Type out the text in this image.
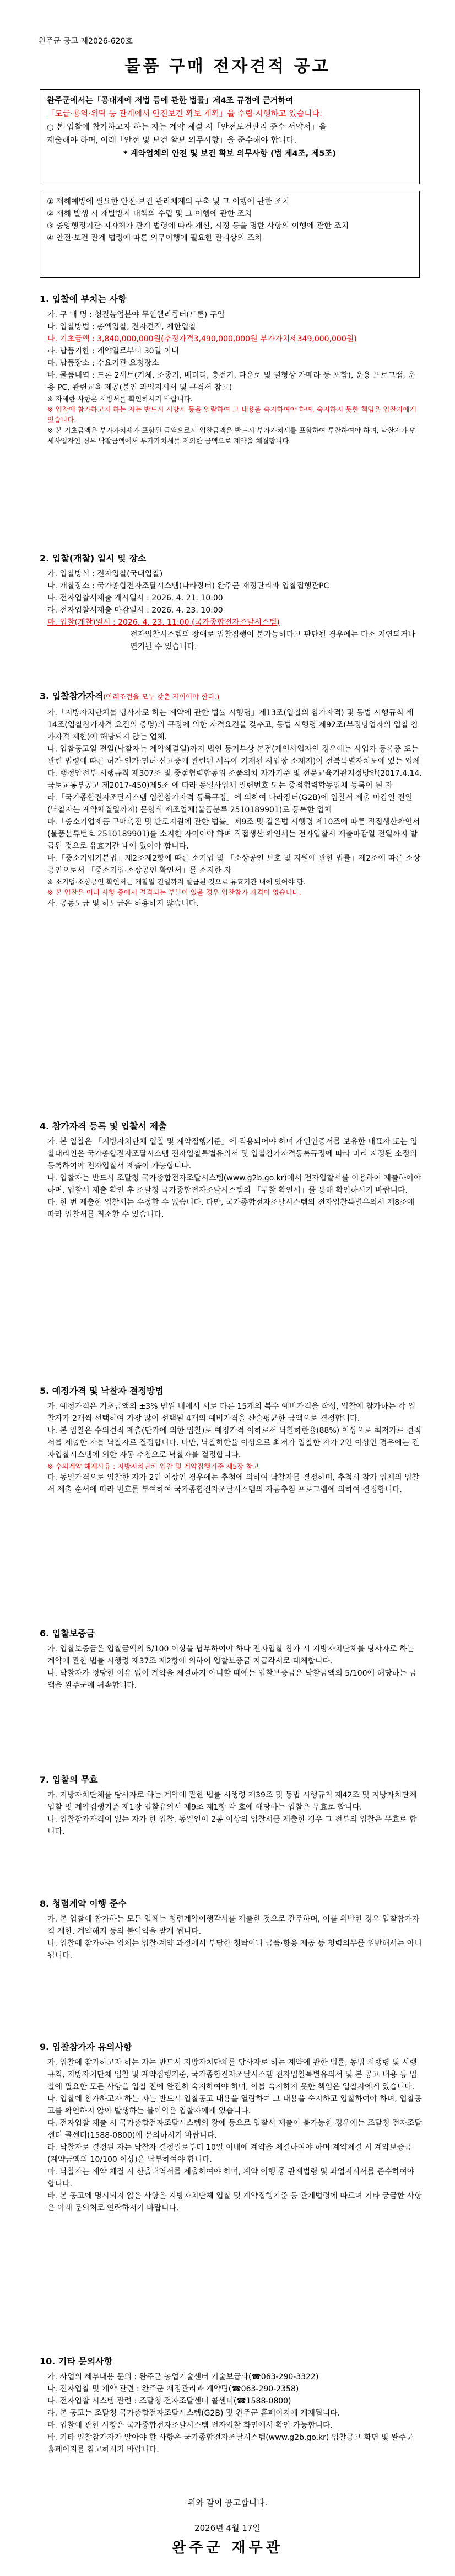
완주군 공고 제2026-620호
물품 구매 전자견적 공고
완주군에서는「공대계에 저법 등에 관한 법률」제4조 규정에 근거하여
「도급·용역·위탁 등 관계에서 안전보건 확보 계획」을 수립·시행하고 있습니다.
○ 본 입찰에 참가하고자 하는 자는 계약 체결 시「안전보건관리 준수 서약서」을
제출해야 하며, 아래「안전 및 보건 확보 의무사항」을 준수해야 합니다.
* 계약업체의 안전 및 보건 확보 의무사항 (법 제4조, 제5조)
① 재해예방에 필요한 안전·보건 관리체계의 구축 및 그 이행에 관한 조치
② 재해 발생 시 재발방지 대책의 수립 및 그 이행에 관한 조치
③ 중앙행정기관·지자체가 관계 법령에 따라 개선, 시정 등을 명한 사항의 이행에 관한 조치
④ 안전·보건 관계 법령에 따른 의무이행에 필요한 관리상의 조치
1. 입찰에 부치는 사항
가. 구 매 명 : 청질농업분야 무인헬리콥터(드론) 구입
나. 입찰방법 : 총액입찰, 전자견적, 제한입찰
다. 기초금액 : 3,840,000,000원(추정가격3,490,000,000원 부가가치세349,000,000원)
라. 납품기한 : 계약일로부터 30일 이내
마. 납품장소 : 수요기관 요청장소
바. 물품내역 : 드론 2세트(기체, 조종기, 배터리, 충전기, 다운로 및 펼형상 카메라 등 포함), 운용 프로그램, 운용 PC, 관련교육 제공(불인 과업지시서 및 규격서 참고)
※ 자세한 사항은 시방서를 확인하시기 바랍니다.
※ 입찰에 참가하고자 하는 자는 반드시 시방서 등을 열람하여 그 내용을 숙지하여야 하며, 숙지하지 못한 책임은 입찰자에게 있습니다.
※ 본 기초금액은 부가가치세가 포함된 금액으로서 입찰금액은 반드시 부가가치세를 포함하여 투찰하여야 하며, 낙찰자가 면세사업자인 경우 낙찰금액에서 부가가치세를 제외한 금액으로 계약을 체결합니다.
2. 입찰(개찰) 일시 및 장소
가. 입찰방식 : 전자입찰(국내입찰)
나. 개찰장소 : 국가종합전자조달시스템(나라장터) 완주군 재정관리과 입찰집행관PC
다. 전자입찰서제출 개시일시 : 2026. 4. 21. 10:00
라. 전자입찰서제출 마감일시 : 2026. 4. 23. 10:00
마. 입찰(개찰)일시 : 2026. 4. 23. 11:00 (국가종합전자조달시스템)
전자입찰시스템의 장애로 입찰집행이 불가능하다고 판단될 경우에는 다소 지연되거나 연기될 수 있습니다.
3. 입찰참가자격(아래조건을 모두 갖춘 자이어야 한다.)
가.「지방자치단체를 당사자로 하는 계약에 관한 법률 시행령」제13조(입찰의 참가자격) 및 동법 시행규칙 제14조(입찰참가자격 요건의 증명)의 규정에 의한 자격요건을 갖추고, 동법 시행령 제92조(부정당업자의 입찰 참가자격 제한)에 해당되지 않는 업체.
나. 입찰공고일 전일(낙찰자는 계약체결일)까지 법인 등기부상 본점(개인사업자인 경우에는 사업자 등록증 또는 관련 법령에 따른 허가·인가·면허·신고증에 관련된 서류에 기재된 사업장 소재지)이 전북특별자치도에 있는 업체
다. 행정안전부 시행규칙 제307조 및 중점협력합동위 조품의치 자가기준 및 전문교육기관지정방안(2017.4.14. 국토교통부공고 제2017-450)제5조 에 따라 동일사업체 일련번호 또는 중점협력합동업체 등록이 된 자
라.「국가종합전자조달시스템 입찰참가자격 등록규정」에 의하여 나라장터(G2B)에 입찰서 제출 마감일 전일(낙찰자는 계약체결일까지) 문형식 제조업체(물품분류 2510189901)로 등록한 업체
마.「중소기업제품 구매촉진 및 판로지원에 관한 법률」제9조 및 같은법 시행령 제10조에 따른 직접생산확인서(물품분류번호 2510189901)를 소지한 자이어야 하며 직접생산 확인서는 전자입찰서 제출마감일 전일까지 발급된 것으로 유효기간 내에 있어야 합니다.
바.「중소기업기본법」제2조제2항에 따른 소기업 및 「소상공인 보호 및 지원에 관한 법률」제2조에 따른 소상공인으로서 「중소기업·소상공인 확인서」를 소지한 자
※ 소기업·소상공인 확인서는 개찰일 전일까지 발급된 것으로 유효기간 내에 있어야 함.
※ 본 입찰은 이러 사항 중에서 결격되는 부분이 있을 경우 입찰참가 자격이 없습니다.
사. 공동도급 및 하도급은 허용하지 않습니다.
4. 참가자격 등록 및 입찰서 제출
가. 본 입찰은 「지방자치단체 입찰 및 계약집행기준」에 적용되어야 하며 개인인증서를 보유한 대표자 또는 입찰대리인은 국가종합전자조달시스템 전자입찰특별유의서 및 입찰참가자격등록규정에 따라 미리 지정된 소정의 등록하여야 전자입찰서 제출이 가능합니다.
나. 입찰자는 반드시 조달청 국가종합전자조달시스템(www.g2b.go.kr)에서 전자입찰서를 이용하여 제출하여야 하며, 입찰서 제출 확인 후 조달청 국가종합전자조달시스템의 「투찰 확인서」를 통해 확인하시기 바랍니다.
다. 한 번 제출한 입찰서는 수정할 수 없습니다. 다만, 국가종합전자조달시스템의 전자입찰특별유의서 제8조에 따라 입찰서를 취소할 수 있습니다.
5. 예정가격 및 낙찰자 결정방법
가. 예정가격은 기초금액의 ±3% 범위 내에서 서로 다른 15개의 복수 예비가격을 작성, 입찰에 참가하는 각 입찰자가 2개씩 선택하여 가장 많이 선택된 4개의 예비가격을 산술평균한 금액으로 결정합니다.
나. 본 입찰은 수의견적 제출(단가에 의한 입찰)로 예정가격 이하로서 낙찰하한율(88%) 이상으로 최저가로 견적서를 제출한 자를 낙찰자로 결정합니다. 다만, 낙찰하한율 이상으로 최저가 입찰한 자가 2인 이상인 경우에는 전자입찰시스템에 의한 자동 추첨으로 낙찰자를 결정합니다.
※ 수의계약 해제사유 : 지방자치단체 입찰 및 계약집행기준 제5장 참고
다. 동일가격으로 입찰한 자가 2인 이상인 경우에는 추첨에 의하여 낙찰자를 결정하며, 추첨시 참가 업체의 입찰서 제출 순서에 따라 번호를 부여하여 국가종합전자조달시스템의 자동추첨 프로그램에 의하여 결정합니다.
6. 입찰보증금
가. 입찰보증금은 입찰금액의 5/100 이상을 납부하여야 하나 전자입찰 참가 시 지방자치단체를 당사자로 하는 계약에 관한 법률 시행령 제37조 제2항에 의하여 입찰보증금 지급각서로 대체합니다.
나. 낙찰자가 정당한 이유 없이 계약을 체결하지 아니할 때에는 입찰보증금은 낙찰금액의 5/100에 해당하는 금액을 완주군에 귀속합니다.
7. 입찰의 무효
가. 지방자치단체를 당사자로 하는 계약에 관한 법률 시행령 제39조 및 동법 시행규칙 제42조 및 지방자치단체 입찰 및 계약집행기준 제1장 입찰유의서 제9조 제1항 각 호에 해당하는 입찰은 무효로 합니다.
나. 입찰참가자격이 없는 자가 한 입찰, 동일인이 2통 이상의 입찰서를 제출한 경우 그 전부의 입찰은 무효로 합니다.
8. 청렴계약 이행 준수
가. 본 입찰에 참가하는 모든 업체는 청렴계약이행각서를 제출한 것으로 간주하며, 이를 위반한 경우 입찰참가자격 제한, 계약해지 등의 불이익을 받게 됩니다.
나. 입찰에 참가하는 업체는 입찰·계약 과정에서 부당한 청탁이나 금품·향응 제공 등 청렴의무를 위반해서는 아니 됩니다.
9. 입찰참가자 유의사항
가. 입찰에 참가하고자 하는 자는 반드시 지방자치단체를 당사자로 하는 계약에 관한 법률, 동법 시행령 및 시행규칙, 지방자치단체 입찰 및 계약집행기준, 국가종합전자조달시스템 전자입찰특별유의서 및 본 공고 내용 등 입찰에 필요한 모든 사항을 입찰 전에 완전히 숙지하여야 하며, 이를 숙지하지 못한 책임은 입찰자에게 있습니다.
나. 입찰에 참가하고자 하는 자는 반드시 입찰공고 내용을 열람하여 그 내용을 숙지하고 입찰하여야 하며, 입찰공고를 확인하지 않아 발생하는 불이익은 입찰자에게 있습니다.
다. 전자입찰 제출 시 국가종합전자조달시스템의 장애 등으로 입찰서 제출이 불가능한 경우에는 조달청 전자조달센터 콜센터(1588-0800)에 문의하시기 바랍니다.
라. 낙찰자로 결정된 자는 낙찰자 결정일로부터 10일 이내에 계약을 체결하여야 하며 계약체결 시 계약보증금(계약금액의 10/100 이상)을 납부하여야 합니다.
마. 낙찰자는 계약 체결 시 산출내역서를 제출하여야 하며, 계약 이행 중 관계법령 및 과업지시서를 준수하여야 합니다.
바. 본 공고에 명시되지 않은 사항은 지방자치단체 입찰 및 계약집행기준 등 관계법령에 따르며 기타 궁금한 사항은 아래 문의처로 연락하시기 바랍니다.
10. 기타 문의사항
가. 사업의 세부내용 문의 : 완주군 농업기술센터 기술보급과(☎063-290-3322)
나. 전자입찰 및 계약 관련 : 완주군 재정관리과 계약팀(☎063-290-2358)
다. 전자입찰 시스템 관련 : 조달청 전자조달센터 콜센터(☎1588-0800)
라. 본 공고는 조달청 국가종합전자조달시스템(G2B) 및 완주군 홈페이지에 게재됩니다.
마. 입찰에 관한 사항은 국가종합전자조달시스템 전자입찰 화면에서 확인 가능합니다.
바. 기타 입찰참가자가 알아야 할 사항은 국가종합전자조달시스템(www.g2b.go.kr) 입찰공고 화면 및 완주군 홈페이지를 참고하시기 바랍니다.
위와 같이 공고합니다.
2026년 4월 17일
완주군 재무관
